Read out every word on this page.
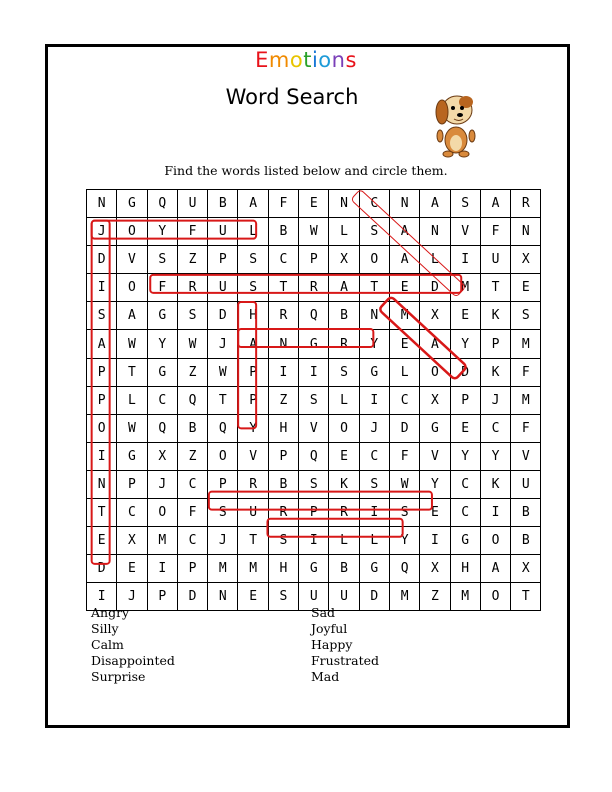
Emotions
Word Search
Find the words listed below and circle them.
N	G	Q	U	B	A	F	E	N	C	N	A	S	A	R
J	O	Y	F	U	L	B	W	L	S	A	N	V	F	N
D	V	S	Z	P	S	C	P	X	O	A	L	I	U	X
I	O	F	R	U	S	T	R	A	T	E	D	M	T	E
S	A	G	S	D	H	R	Q	B	N	M	X	E	K	S
A	W	Y	W	J	A	N	G	R	Y	E	A	Y	P	M
P	T	G	Z	W	P	I	I	S	G	L	O	D	K	F
P	L	C	Q	T	P	Z	S	L	I	C	X	P	J	M
O	W	Q	B	Q	Y	H	V	O	J	D	G	E	C	F
I	G	X	Z	O	V	P	Q	E	C	F	V	Y	Y	V
N	P	J	C	P	R	B	S	K	S	W	Y	C	K	U
T	C	O	F	S	U	R	P	R	I	S	E	C	I	B
E	X	M	C	J	T	S	I	L	L	Y	I	G	O	B
D	E	I	P	M	M	H	G	B	G	Q	X	H	A	X
I	J	P	D	N	E	S	U	U	D	M	Z	M	O	T
Angry
Silly
Calm
Disappointed
Surprise
Sad
Joyful
Happy
Frustrated
Mad
